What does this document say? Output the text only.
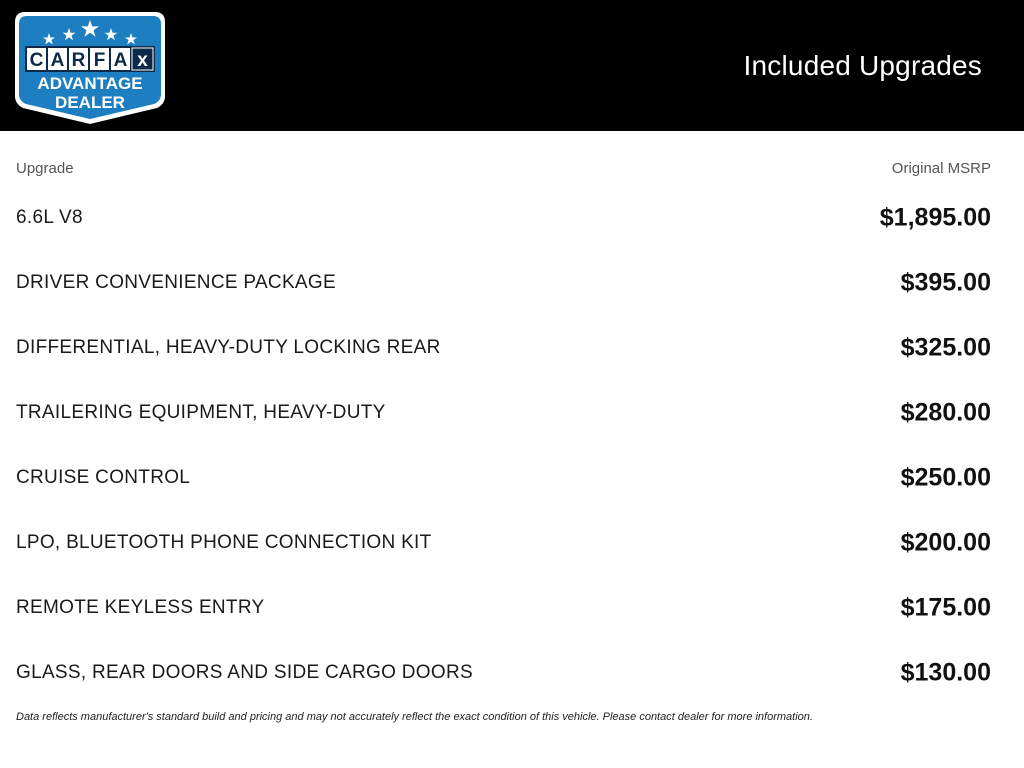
C A R F A x
ADVANTAGE
DEALER
Included Upgrades
Upgrade	Original MSRP
6.6L V8	$1,895.00
DRIVER CONVENIENCE PACKAGE	$395.00
DIFFERENTIAL, HEAVY-DUTY LOCKING REAR	$325.00
TRAILERING EQUIPMENT, HEAVY-DUTY	$280.00
CRUISE CONTROL	$250.00
LPO, BLUETOOTH PHONE CONNECTION KIT	$200.00
REMOTE KEYLESS ENTRY	$175.00
GLASS, REAR DOORS AND SIDE CARGO DOORS	$130.00
Data reflects manufacturer's standard build and pricing and may not accurately reflect the exact condition of this vehicle. Please contact dealer for more information.
